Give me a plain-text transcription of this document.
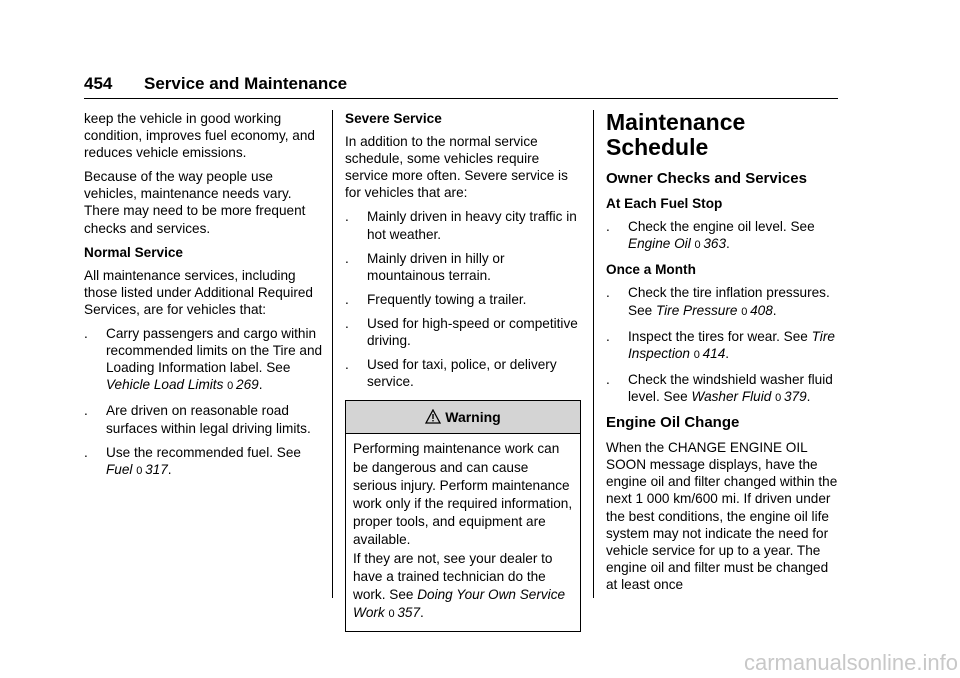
454 Service and Maintenance

keep the vehicle in good working condition, improves fuel economy, and reduces vehicle emissions.

Because of the way people use vehicles, maintenance needs vary. There may need to be more frequent checks and services.

Normal Service

All maintenance services, including those listed under Additional Required Services, are for vehicles that:

. Carry passengers and cargo within recommended limits on the Tire and Loading Information label. See Vehicle Load Limits 0  269.
. Are driven on reasonable road surfaces within legal driving limits.
. Use the recommended fuel. See
Fuel 0  317.
Severe Service

In addition to the normal service schedule, some vehicles require service more often. Severe service is for vehicles that are:

. Mainly driven in heavy city traffic in hot weather.
. Mainly driven in hilly or mountainous terrain.
. Frequently towing a trailer.
. Used for high-speed or competitive driving.
. Used for taxi, police, or delivery service.
Warning
Performing maintenance work can be dangerous and can cause serious injury. Perform maintenance work only if the required information, proper tools, and equipment are available.
If they are not, see your dealer to have a trained technician do the work. See Doing Your Own Service Work 0  357.
Maintenance Schedule
Owner Checks and Services
At Each Fuel Stop
. Check the engine oil level. See Engine Oil 0  363.
Once a Month
. Check the tire inflation pressures. See Tire Pressure 0  408.
. Inspect the tires for wear. See Tire Inspection 0  414.
. Check the windshield washer fluid level. See Washer Fluid 0  379.
Engine Oil Change

When the CHANGE ENGINE OIL SOON message displays, have the engine oil and filter changed within the next 1 000 km/600 mi. If driven under the best conditions, the engine oil life system may not indicate the need for vehicle service for up to a year. The engine oil and filter must be changed at least once

carmanualsonline.info
